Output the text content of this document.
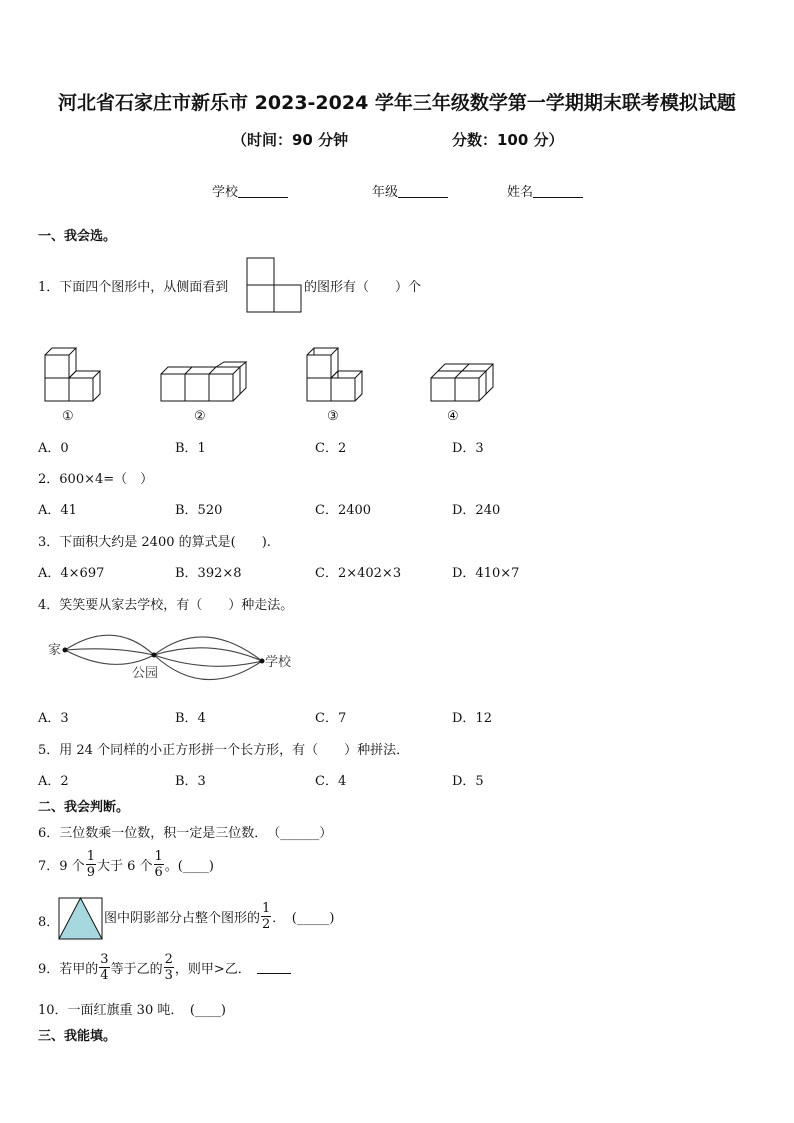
河北省石家庄市新乐市 2023-2024 学年三年级数学第一学期期末联考模拟试题
（时间：90 分钟	分数：100 分）
学校	年级	姓名
一、我会选。
1．下面四个图形中，从侧面看到	的图形有（　　）个
①	②	③	④
A．0	B．1	C．2	D．3
2．600×4=（　）
A．41	B．520	C．2400	D．240
3．下面积大约是 2400 的算式是(　　).
A．4×697	B．392×8	C．2×402×3	D．410×7
4．笑笑要从家去学校，有（　　）种走法。
家
公园
学校
A．3	B．4	C．7	D．12
5．用 24 个同样的小正方形拼一个长方形，有（　　）种拼法．
A．2	B．3	C．4	D．5
二、我会判断。
6．三位数乘一位数，积一定是三位数．　（______）
7．9 个 $\frac{1}{9}$ 大于 6 个 $\frac{1}{6}$ 。(____)
8．	图中阴影部分占整个图形的 $\frac{1}{2}$ ．　(_____)
9．若甲的 $\frac{3}{4}$ 等于乙的 $\frac{2}{3}$ ，则甲>乙．
10．一面红旗重 30 吨．　(____)
三、我能填。
